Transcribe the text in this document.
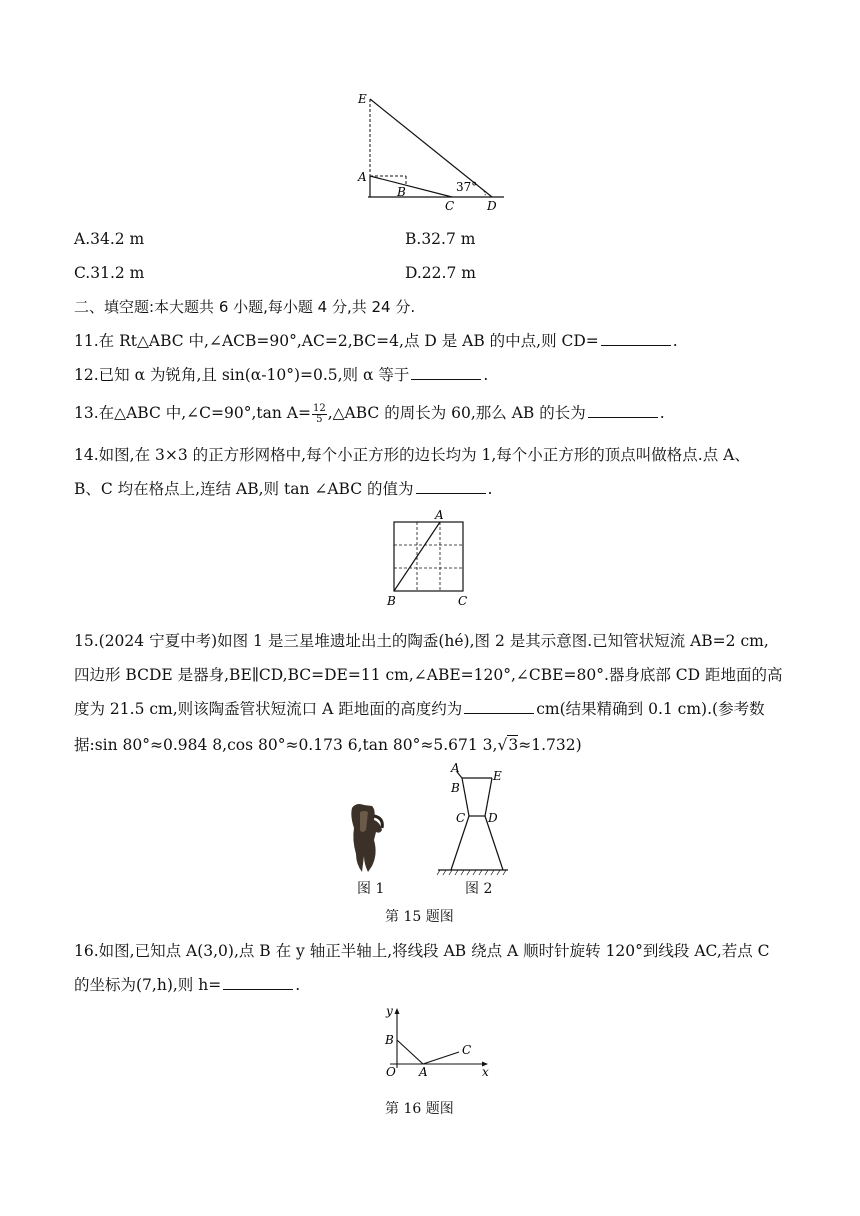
E
A
B
C	D
37°
A.34.2 m	B.32.7 m
C.31.2 m	D.22.7 m
二、填空题:本大题共 6 小题,每小题 4 分,共 24 分.
11.在 Rt△ABC 中,∠ACB=90°,AC=2,BC=4,点 D 是 AB 的中点,则 CD=	.
12.已知 α 为锐角,且 sin(α-10°)=0.5,则 α 等于	.
13.在△ABC 中,∠C=90°,tan $A= \frac{12}{5}$ ,△ABC 的周长为 60,那么 AB 的长为	.
14.如图,在 3×3 的正方形网格中,每个小正方形的边长均为 1,每个小正方形的顶点叫做格点.点 A、
B、C 均在格点上,连结 AB,则 tan ∠ABC 的值为	.
A
B	C
15.(2024 宁夏中考)如图 1 是三星堆遗址出土的陶盉(hé),图 2 是其示意图.已知管状短流 AB=2 cm,
四边形 BCDE 是器身,BE∥CD,BC=DE=11 cm,∠ABE=120°,∠CBE=80°.器身底部 CD 距地面的高
度为 21.5 cm,则该陶盉管状短流口 A 距地面的高度约为	cm(结果精确到 0.1 cm).(参考数
据:sin 80°≈0.984 8,cos 80°≈0.173 6,tan 80°≈5.671 3,√3≈1.732)
A
B
E
C D
图 1	图 2
第 15 题图
16.如图,已知点 A(3,0),点 B 在 y 轴正半轴上,将线段 AB 绕点 A 顺时针旋转 120°到线段 AC,若点 C
的坐标为(7,h),则 h=	.
y
B
C
O A	x
第 16 题图
